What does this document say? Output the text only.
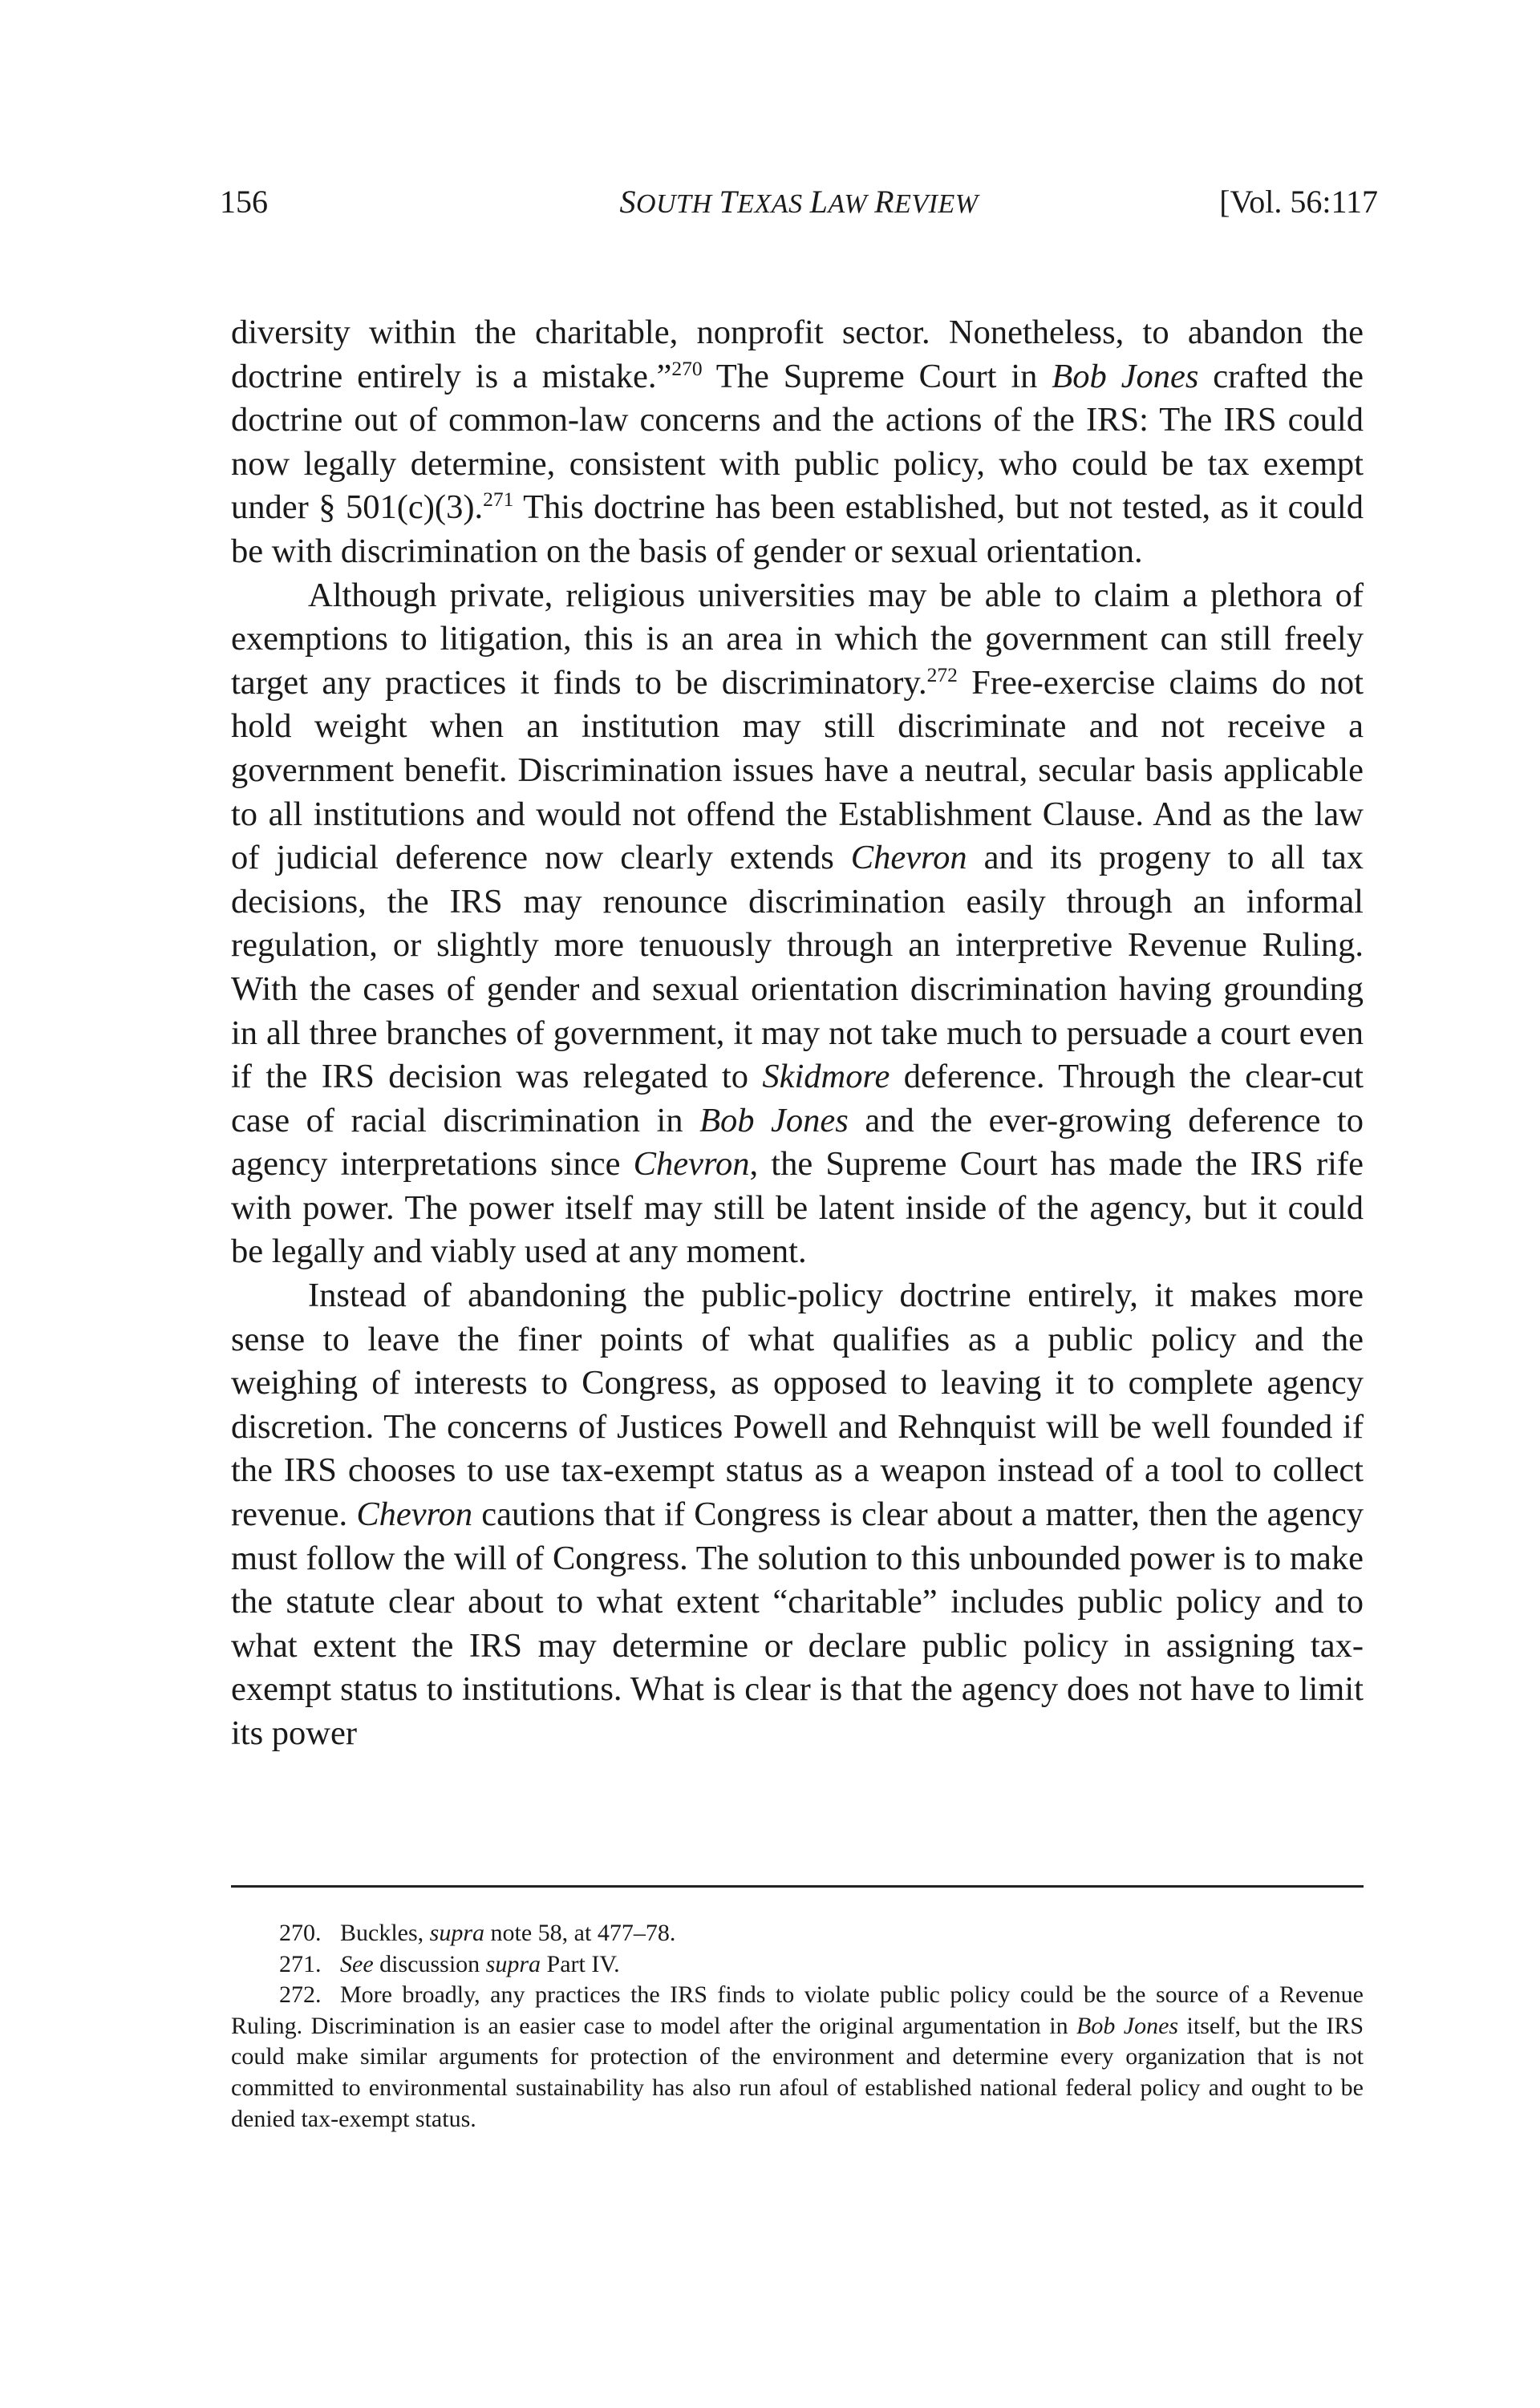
156	SOUTH TEXAS LAW REVIEW	[Vol. 56:117

diversity within the charitable, nonprofit sector. Nonetheless, to abandon the doctrine entirely is a mistake.”$^{270}$ The Supreme Court in Bob Jones crafted the doctrine out of common-law concerns and the actions of the IRS: The IRS could now legally determine, consistent with public policy, who could be tax exempt under § 501(c)(3).$^{271}$ This doctrine has been established, but not tested, as it could be with discrimination on the basis of gender or sexual orientation.

Although private, religious universities may be able to claim a plethora of exemptions to litigation, this is an area in which the government can still freely target any practices it finds to be discriminatory.$^{272}$ Free-exercise claims do not hold weight when an institution may still discriminate and not receive a government benefit. Discrimination issues have a neutral, secular basis applicable to all institutions and would not offend the Establishment Clause. And as the law of judicial deference now clearly extends Chevron and its progeny to all tax decisions, the IRS may renounce discrimination easily through an informal regulation, or slightly more tenuously through an interpretive Revenue Ruling. With the cases of gender and sexual orientation discrimination having grounding in all three branches of government, it may not take much to persuade a court even if the IRS decision was relegated to Skidmore deference. Through the clear-cut case of racial discrimination in Bob Jones and the ever-growing deference to agency interpretations since Chevron, the Supreme Court has made the IRS rife with power. The power itself may still be latent inside of the agency, but it could be legally and viably used at any moment.

Instead of abandoning the public-policy doctrine entirely, it makes more sense to leave the finer points of what qualifies as a public policy and the weighing of interests to Congress, as opposed to leaving it to complete agency discretion. The concerns of Justices Powell and Rehnquist will be well founded if the IRS chooses to use tax-exempt status as a weapon instead of a tool to collect revenue. Chevron cautions that if Congress is clear about a matter, then the agency must follow the will of Congress. The solution to this unbounded power is to make the statute clear about to what extent “charitable” includes public policy and to what extent the IRS may determine or declare public policy in assigning tax-exempt status to institutions. What is clear is that the agency does not have to limit its power

270. Buckles, supra note 58, at 477–78.

271. See discussion supra Part IV.

272. More broadly, any practices the IRS finds to violate public policy could be the source of a Revenue Ruling. Discrimination is an easier case to model after the original argumentation in Bob Jones itself, but the IRS could make similar arguments for protection of the environment and determine every organization that is not committed to environmental sustainability has also run afoul of established national federal policy and ought to be denied tax-exempt status.
